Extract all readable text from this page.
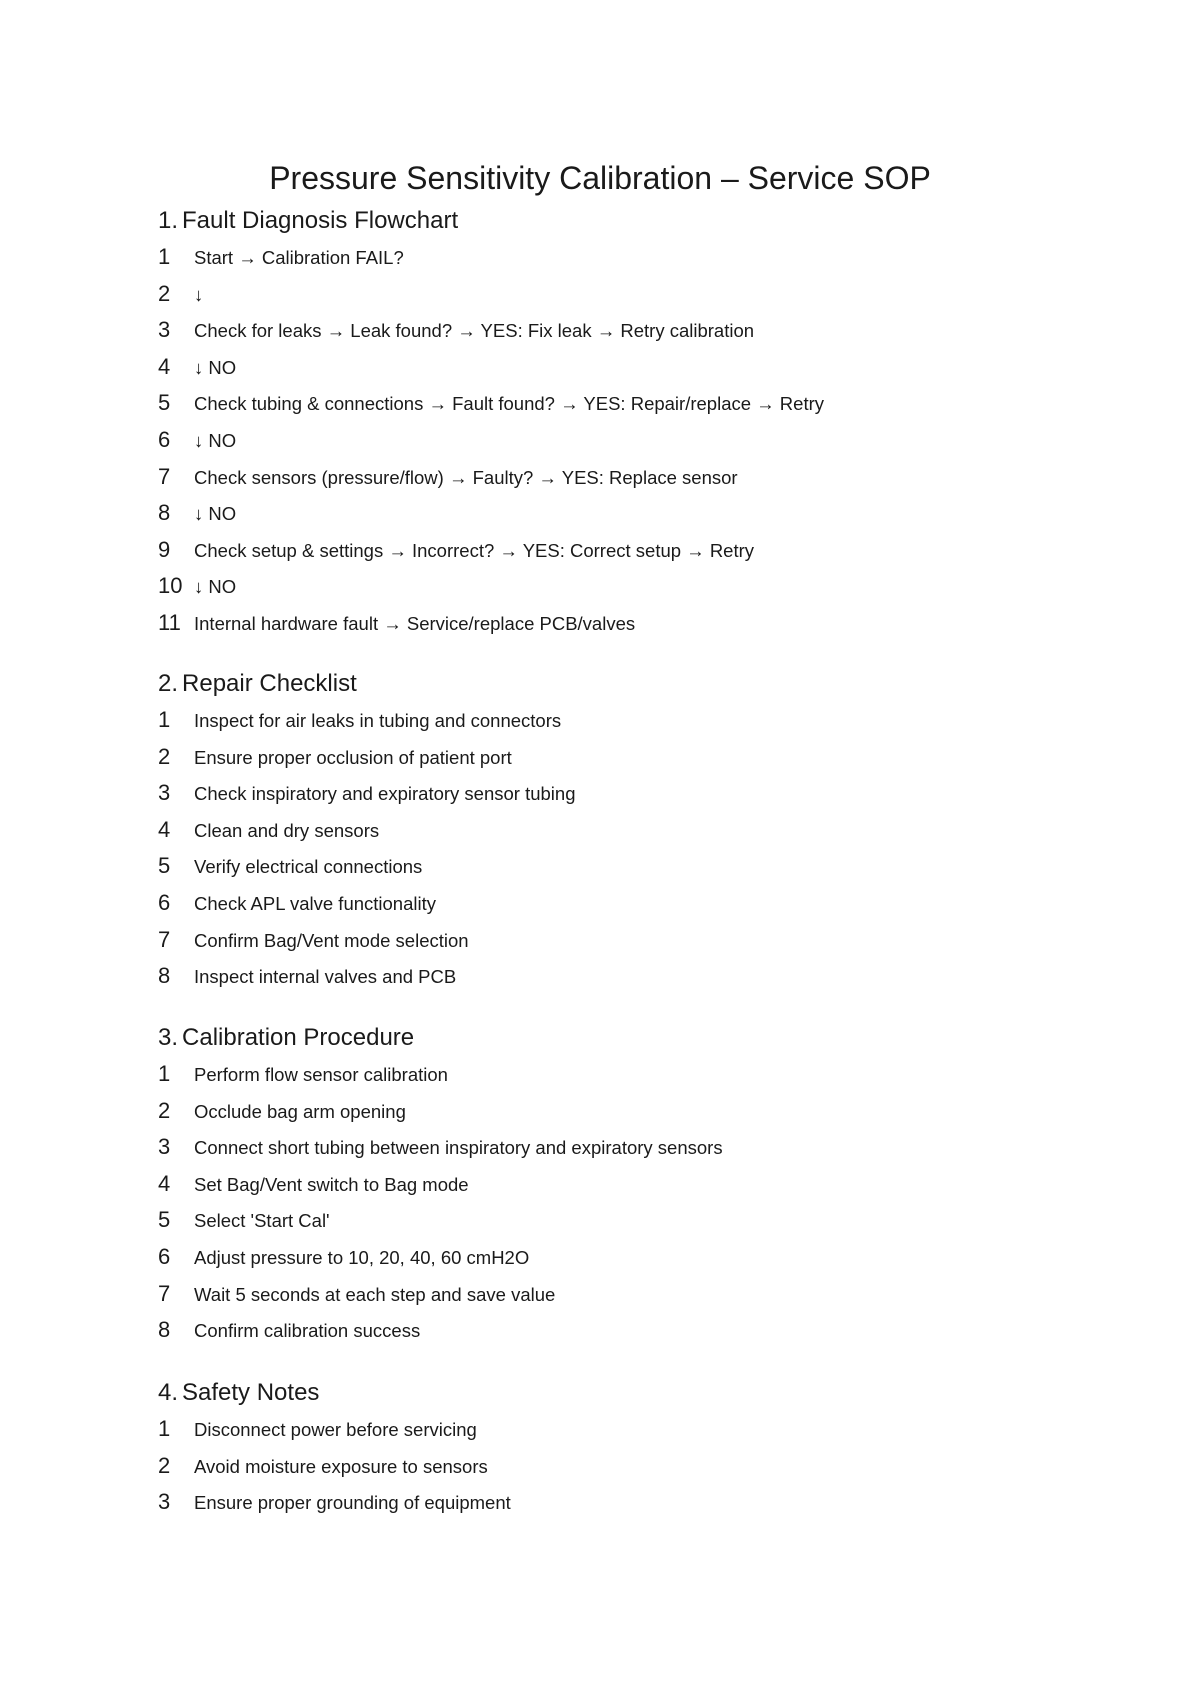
Pressure Sensitivity Calibration – Service SOP
1. Fault Diagnosis Flowchart
1	Start → Calibration FAIL?
2	↓
3	Check for leaks → Leak found? → YES: Fix leak → Retry calibration
4	↓ NO
5	Check tubing & connections → Fault found? → YES: Repair/replace → Retry
6	↓ NO
7	Check sensors (pressure/flow) → Faulty? → YES: Replace sensor
8	↓ NO
9	Check setup & settings → Incorrect? → YES: Correct setup → Retry
10 ↓ NO
11 Internal hardware fault → Service/replace PCB/valves
2. Repair Checklist
1	Inspect for air leaks in tubing and connectors
2	Ensure proper occlusion of patient port
3	Check inspiratory and expiratory sensor tubing
4	Clean and dry sensors
5	Verify electrical connections
6	Check APL valve functionality
7	Confirm Bag/Vent mode selection
8	Inspect internal valves and PCB
3. Calibration Procedure
1	Perform flow sensor calibration
2	Occlude bag arm opening
3	Connect short tubing between inspiratory and expiratory sensors
4	Set Bag/Vent switch to Bag mode
5	Select 'Start Cal'
6	Adjust pressure to 10, 20, 40, 60 cmH2O
7	Wait 5 seconds at each step and save value
8	Confirm calibration success
4. Safety Notes
1	Disconnect power before servicing
2	Avoid moisture exposure to sensors
3	Ensure proper grounding of equipment
